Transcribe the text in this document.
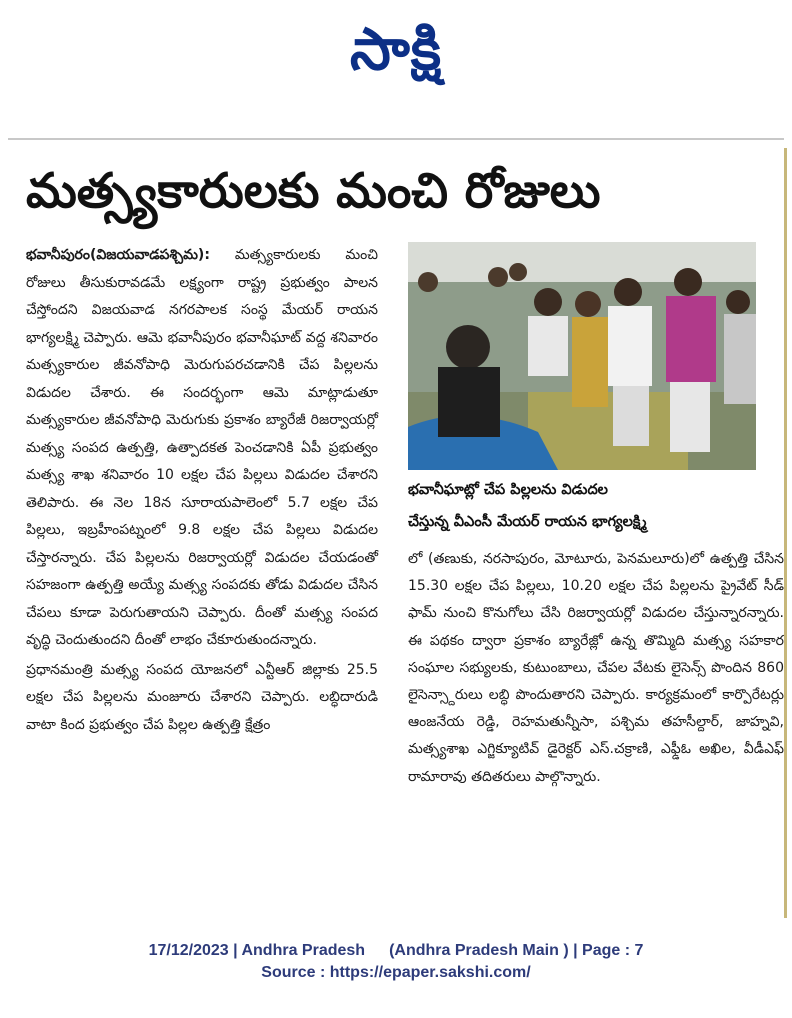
సాక్షి
మత్స్యకారులకు మంచి రోజులు

భవానీపురం(విజయవాడపశ్చిమ): మత్స్యకారులకు మంచి రోజులు తీసుకురావడమే లక్ష్యంగా రాష్ట్ర ప్రభుత్వం పాలన చేస్తోందని విజయవాడ నగరపాలక సంస్థ మేయర్ రాయన భాగ్యలక్ష్మి చెప్పారు. ఆమె భవానీపురం భవానీఘాట్ వద్ద శనివారం మత్స్యకారుల జీవనోపాధి మెరుగుపరచడానికి చేప పిల్లలను విడుదల చేశారు. ఈ సందర్భంగా ఆమె మాట్లాడుతూ మత్స్యకారుల జీవనోపాధి మెరుగుకు ప్రకాశం బ్యారేజీ రిజర్వాయర్లో మత్స్య సంపద ఉత్పత్తి, ఉత్పాదకత పెంచడానికి ఏపీ ప్రభుత్వం మత్స్య శాఖ శనివారం 10 లక్షల చేప పిల్లలు విడుదల చేశారని తెలిపారు. ఈ నెల 18న సూరాయపాలెంలో 5.7 లక్షల చేప పిల్లలు, ఇబ్రహీంపట్నంలో 9.8 లక్షల చేప పిల్లలు విడుదల చేస్తారన్నారు. చేప పిల్లలను రిజర్వాయర్లో విడుదల చేయడంతో సహజంగా ఉత్పత్తి అయ్యే మత్స్య సంపదకు తోడు విడుదల చేసిన చేపలు కూడా పెరుగుతాయని చెప్పారు. దీంతో మత్స్య సంపద వృద్ధి చెందుతుందని దీంతో లాభం చేకూరుతుందన్నారు.

ప్రధానమంత్రి మత్స్య సంపద యోజనలో ఎన్టీఆర్ జిల్లాకు 25.5 లక్షల చేప పిల్లలను మంజూరు చేశారని చెప్పారు. లబ్ధిదారుడి వాటా కింద ప్రభుత్వం చేప పిల్లల ఉత్పత్తి క్షేత్రం

భవానీఘాట్లో చేప పిల్లలను విడుదల
చేస్తున్న వీఎంసీ మేయర్ రాయన భాగ్యలక్ష్మి

లో (తణుకు, నరసాపురం, మోటూరు, పెనమలూరు)లో ఉత్పత్తి చేసిన 15.30 లక్షల చేప పిల్లలు, 10.20 లక్షల చేప పిల్లలను ప్రైవేట్ సీడ్ ఫామ్ నుంచి కొనుగోలు చేసి రిజర్వాయర్లో విడుదల చేస్తున్నారన్నారు. ఈ పథకం ద్వారా ప్రకాశం బ్యారేజ్లో ఉన్న తొమ్మిది మత్స్య సహకార సంఘాల సభ్యులకు, కుటుంబాలు, చేపల వేటకు లైసెన్స్ పొందిన 860 లైసెన్స్దారులు లబ్ధి పొందుతారని చెప్పారు. కార్యక్రమంలో కార్పొరేటర్లు ఆంజనేయ రెడ్డి, రెహమతున్నీసా, పశ్చిమ తహసీల్దార్, జాహ్నవి, మత్స్యశాఖ ఎగ్జిక్యూటివ్ డైరెక్టర్ ఎస్.చక్రాణి, ఎఫ్డీఓ అఖిల, వీడీఎఫ్ రామారావు తదితరులు పాల్గొన్నారు.

17/12/2023 | Andhra Pradesh (Andhra Pradesh Main ) | Page : 7
Source : https://epaper.sakshi.com/
